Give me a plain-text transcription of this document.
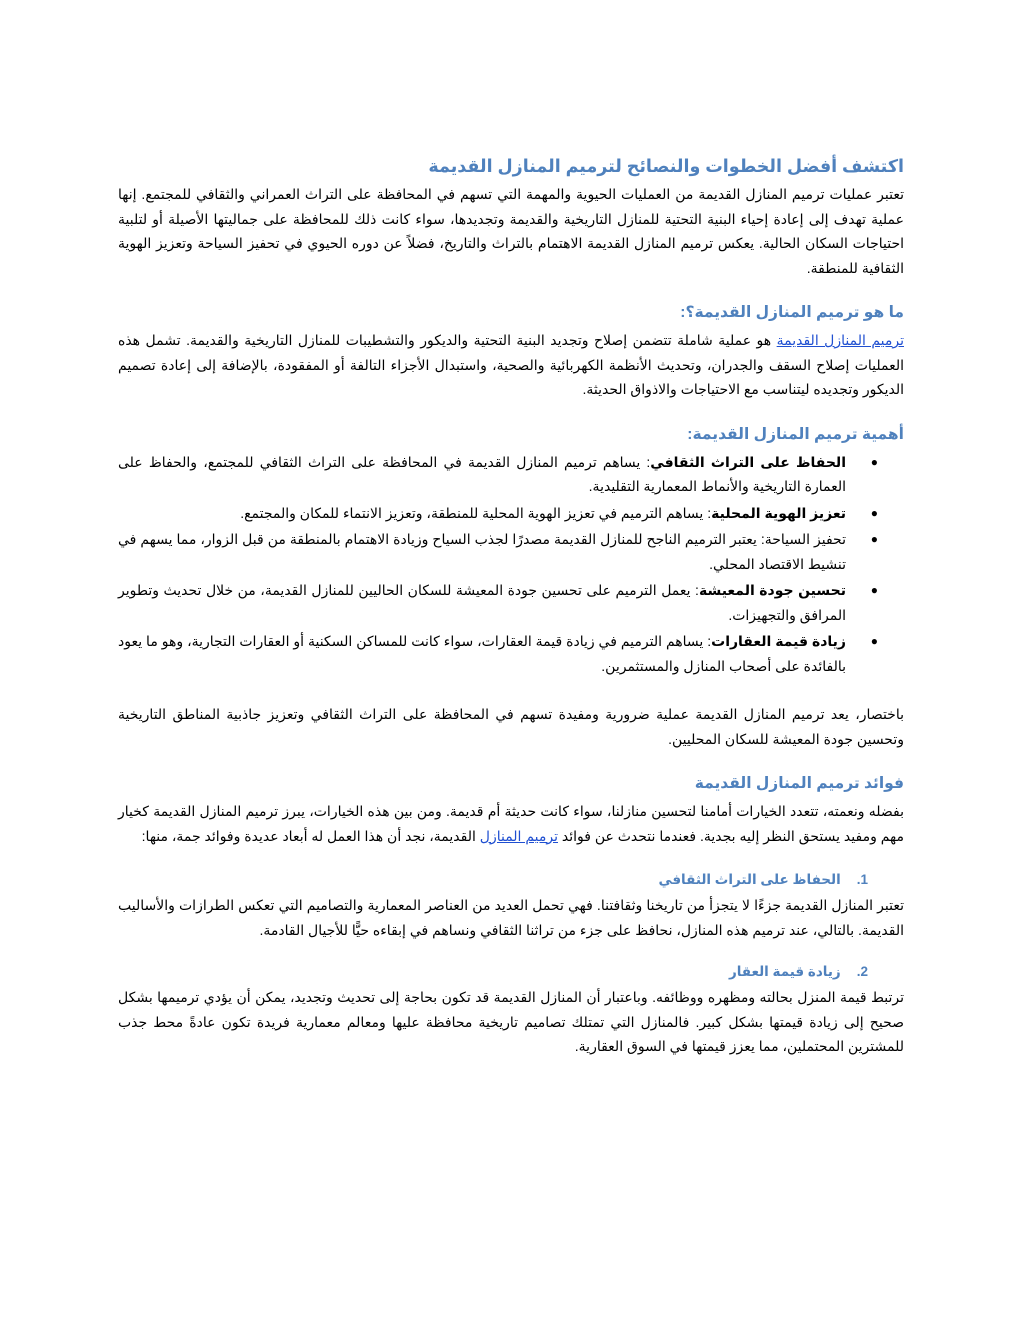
اكتشف أفضل الخطوات والنصائح لترميم المنازل القديمة

تعتبر عمليات ترميم المنازل القديمة من العمليات الحيوية والمهمة التي تسهم في المحافظة على التراث العمراني والثقافي للمجتمع. إنها عملية تهدف إلى إعادة إحياء البنية التحتية للمنازل التاريخية والقديمة وتجديدها، سواء كانت ذلك للمحافظة على جماليتها الأصيلة أو لتلبية احتياجات السكان الحالية. يعكس ترميم المنازل القديمة الاهتمام بالتراث والتاريخ، فضلاً عن دوره الحيوي في تحفيز السياحة وتعزيز الهوية الثقافية للمنطقة.

ما هو ترميم المنازل القديمة؟:

ترميم المنازل القديمة هو عملية شاملة تتضمن إصلاح وتجديد البنية التحتية والديكور والتشطيبات للمنازل التاريخية والقديمة. تشمل هذه العمليات إصلاح السقف والجدران، وتحديث الأنظمة الكهربائية والصحية، واستبدال الأجزاء التالفة أو المفقودة، بالإضافة إلى إعادة تصميم الديكور وتجديده ليتناسب مع الاحتياجات والاذواق الحديثة.

أهمية ترميم المنازل القديمة:
●
الحفاظ على التراث الثقافي: يساهم ترميم المنازل القديمة في المحافظة على التراث الثقافي للمجتمع، والحفاظ على العمارة التاريخية والأنماط المعمارية التقليدية.
●
تعزيز الهوية المحلية: يساهم الترميم في تعزيز الهوية المحلية للمنطقة، وتعزيز الانتماء للمكان والمجتمع.
●
تحفيز السياحة: يعتبر الترميم الناجح للمنازل القديمة مصدرًا لجذب السياح وزيادة الاهتمام بالمنطقة من قبل الزوار، مما يسهم في تنشيط الاقتصاد المحلي.
●
تحسين جودة المعيشة: يعمل الترميم على تحسين جودة المعيشة للسكان الحاليين للمنازل القديمة، من خلال تحديث وتطوير المرافق والتجهيزات.
●
زيادة قيمة العقارات: يساهم الترميم في زيادة قيمة العقارات، سواء كانت للمساكن السكنية أو العقارات التجارية، وهو ما يعود بالفائدة على أصحاب المنازل والمستثمرين.

باختصار، يعد ترميم المنازل القديمة عملية ضرورية ومفيدة تسهم في المحافظة على التراث الثقافي وتعزيز جاذبية المناطق التاريخية وتحسين جودة المعيشة للسكان المحليين.

فوائد ترميم المنازل القديمة

بفضله ونعمته، تتعدد الخيارات أمامنا لتحسين منازلنا، سواء كانت حديثة أم قديمة. ومن بين هذه الخيارات، يبرز ترميم المنازل القديمة كخيار مهم ومفيد يستحق النظر إليه بجدية. فعندما نتحدث عن فوائد ترميم المنازل القديمة، نجد أن هذا العمل له أبعاد عديدة وفوائد جمة، منها:

1.الحفاظ على التراث الثقافي

تعتبر المنازل القديمة جزءًا لا يتجزأ من تاريخنا وثقافتنا. فهي تحمل العديد من العناصر المعمارية والتصاميم التي تعكس الطرازات والأساليب القديمة. بالتالي، عند ترميم هذه المنازل، نحافظ على جزء من تراثنا الثقافي ونساهم في إبقاءه حيًّا للأجيال القادمة.

2.زيادة قيمة العقار

ترتبط قيمة المنزل بحالته ومظهره ووظائفه. وباعتبار أن المنازل القديمة قد تكون بحاجة إلى تحديث وتجديد، يمكن أن يؤدي ترميمها بشكل صحيح إلى زيادة قيمتها بشكل كبير. فالمنازل التي تمتلك تصاميم تاريخية محافظة عليها ومعالم معمارية فريدة تكون عادةً محط جذب للمشترين المحتملين، مما يعزز قيمتها في السوق العقارية.
